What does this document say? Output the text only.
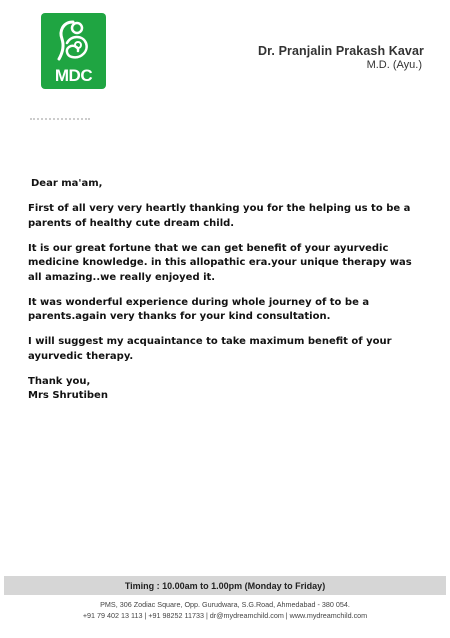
MDC
Dr. Pranjalin Prakash Kavar
M.D. (Ayu.)

Dear ma'am,

First of all very very heartly thanking you for the helping us to be a parents of healthy cute dream child.

It is our great fortune that we can get benefit of your ayurvedic medicine knowledge. in this allopathic era.your unique therapy was all amazing..we really enjoyed it.

It was wonderful experience during whole journey of to be a parents.again very thanks for your kind consultation.

I will suggest my acquaintance to take maximum benefit of your ayurvedic therapy.

Thank you,
Mrs Shrutiben
Timing : 10.00am to 1.00pm (Monday to Friday)
PMS, 306 Zodiac Square, Opp. Gurudwara, S.G.Road, Ahmedabad - 380 054.
+91 79 402 13 113 | +91 98252 11733 | dr@mydreamchild.com | www.mydreamchild.com
